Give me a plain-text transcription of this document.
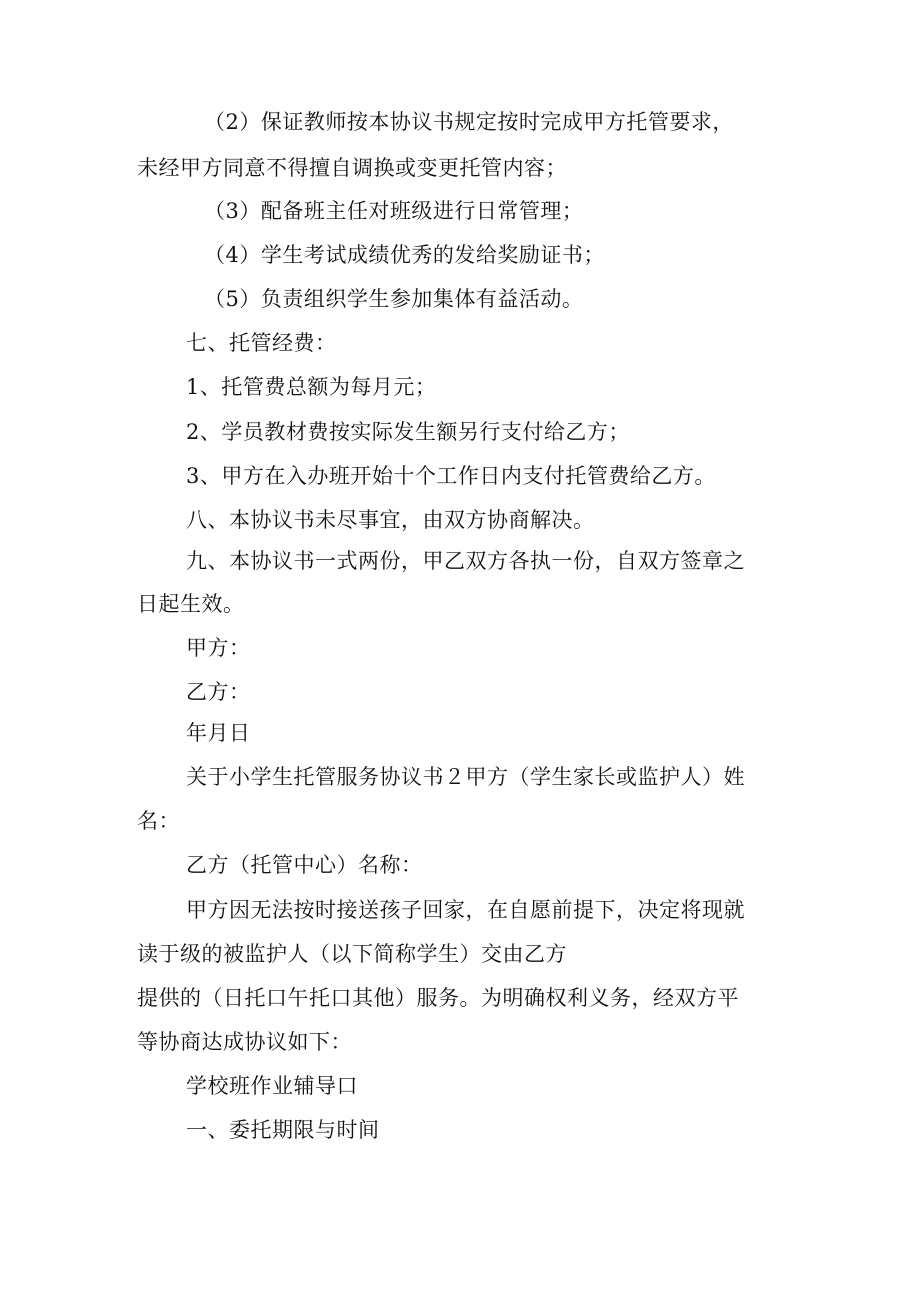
（2）保证教师按本协议书规定按时完成甲方托管要求，
未经甲方同意不得擅自调换或变更托管内容；
（3）配备班主任对班级进行日常管理；
（4）学生考试成绩优秀的发给奖励证书；
（5）负责组织学生参加集体有益活动。
七、托管经费：
1、托管费总额为每月元；
2、学员教材费按实际发生额另行支付给乙方；
3、甲方在入办班开始十个工作日内支付托管费给乙方。
八、本协议书未尽事宜，由双方协商解决。
九、本协议书一式两份，甲乙双方各执一份，自双方签章之
日起生效。
甲方：
乙方：
年月日
关于小学生托管服务协议书２甲方（学生家长或监护人）姓
名：
乙方（托管中心）名称：
甲方因无法按时接送孩子回家，在自愿前提下，决定将现就
读于级的被监护人（以下简称学生）交由乙方
提供的（日托口午托口其他）服务。为明确权利义务，经双方平
等协商达成协议如下：
学校班作业辅导口
一、委托期限与时间
